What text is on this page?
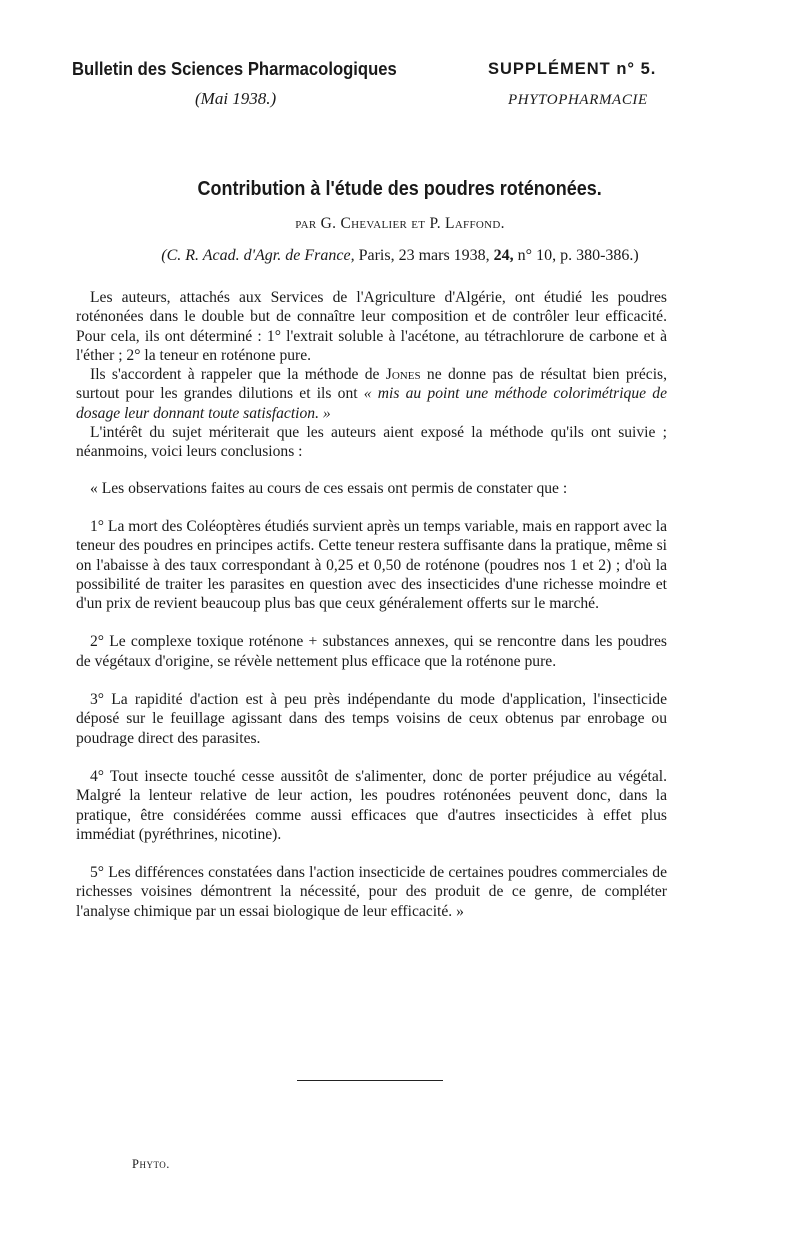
Bulletin des Sciences Pharmacologiques
(Mai 1938.)
SUPPLÉMENT n° 5.
PHYTOPHARMACIE
Contribution à l'étude des poudres roténonées.
par G. Chevalier et P. Laffond.
(C. R. Acad. d'Agr. de France, Paris, 23 mars 1938, 24, n° 10, p. 380-386.)

Les auteurs, attachés aux Services de l'Agriculture d'Algérie, ont étudié les poudres roténonées dans le double but de connaître leur composition et de contrôler leur efficacité. Pour cela, ils ont déterminé : 1° l'extrait soluble à l'acétone, au tétrachlorure de carbone et à l'éther ; 2° la teneur en roténone pure.

Ils s'accordent à rappeler que la méthode de Jones ne donne pas de résultat bien précis, surtout pour les grandes dilutions et ils ont « mis au point une méthode colorimétrique de dosage leur donnant toute satisfaction. »

L'intérêt du sujet mériterait que les auteurs aient exposé la méthode qu'ils ont suivie ; néanmoins, voici leurs conclusions :

« Les observations faites au cours de ces essais ont permis de constater que :

1° La mort des Coléoptères étudiés survient après un temps variable, mais en rapport avec la teneur des poudres en principes actifs. Cette teneur restera suffisante dans la pratique, même si on l'abaisse à des taux correspondant à 0,25 et 0,50 de roténone (poudres nos 1 et 2) ; d'où la possibilité de traiter les parasites en question avec des insecticides d'une richesse moindre et d'un prix de revient beaucoup plus bas que ceux généralement offerts sur le marché.

2° Le complexe toxique roténone + substances annexes, qui se rencontre dans les poudres de végétaux d'origine, se révèle nettement plus efficace que la roténone pure.

3° La rapidité d'action est à peu près indépendante du mode d'application, l'insecticide déposé sur le feuillage agissant dans des temps voisins de ceux obtenus par enrobage ou poudrage direct des parasites.

4° Tout insecte touché cesse aussitôt de s'alimenter, donc de porter préjudice au végétal. Malgré la lenteur relative de leur action, les poudres roténonées peuvent donc, dans la pratique, être considérées comme aussi efficaces que d'autres insecticides à effet plus immédiat (pyréthrines, nicotine).

5° Les différences constatées dans l'action insecticide de certaines poudres commerciales de richesses voisines démontrent la nécessité, pour des produit de ce genre, de compléter l'analyse chimique par un essai biologique de leur efficacité. »

Phyto.
